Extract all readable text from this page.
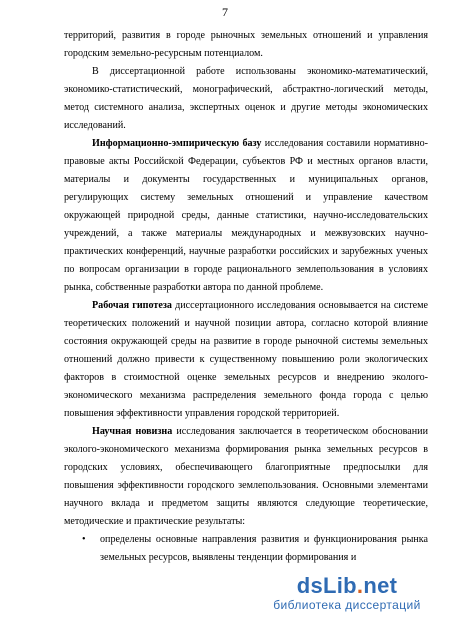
7

территорий, развития в городе рыночных земельных отношений и управления городским земельно-ресурсным потенциалом.

В диссертационной работе использованы экономико-математический, экономико-статистический, монографический, абстрактно-логический методы, метод системного анализа, экспертных оценок и другие методы экономических исследований.

Информационно-эмпирическую базу исследования составили нормативно-правовые акты Российской Федерации, субъектов РФ и местных органов власти, материалы и документы государственных и муниципальных органов, регулирующих систему земельных отношений и управление качеством окружающей природной среды, данные статистики, научно-исследовательских учреждений, а также материалы международных и межвузовских научно-практических конференций, научные разработки российских и зарубежных ученых по вопросам организации в городе рационального землепользования в условиях рынка, собственные разработки автора по данной проблеме.

Рабочая гипотеза диссертационного исследования основывается на системе теоретических положений и научной позиции автора, согласно которой влияние состояния окружающей среды на развитие в городе рыночной системы земельных отношений должно привести к существенному повышению роли экологических факторов в стоимостной оценке земельных ресурсов и внедрению эколого-экономического механизма распределения земельного фонда города с целью повышения эффективности управления городской территорией.

Научная новизна исследования заключается в теоретическом обосновании эколого-экономического механизма формирования рынка земельных ресурсов в городских условиях, обеспечивающего благоприятные предпосылки для повышения эффективности городского землепользования. Основными элементами научного вклада и предметом защиты являются следующие теоретические, методические и практические результаты:

• определены основные направления развития и функционирования рынка земельных ресурсов, выявлены тенденции формирования и

dsLib.net
библиотека диссертаций
